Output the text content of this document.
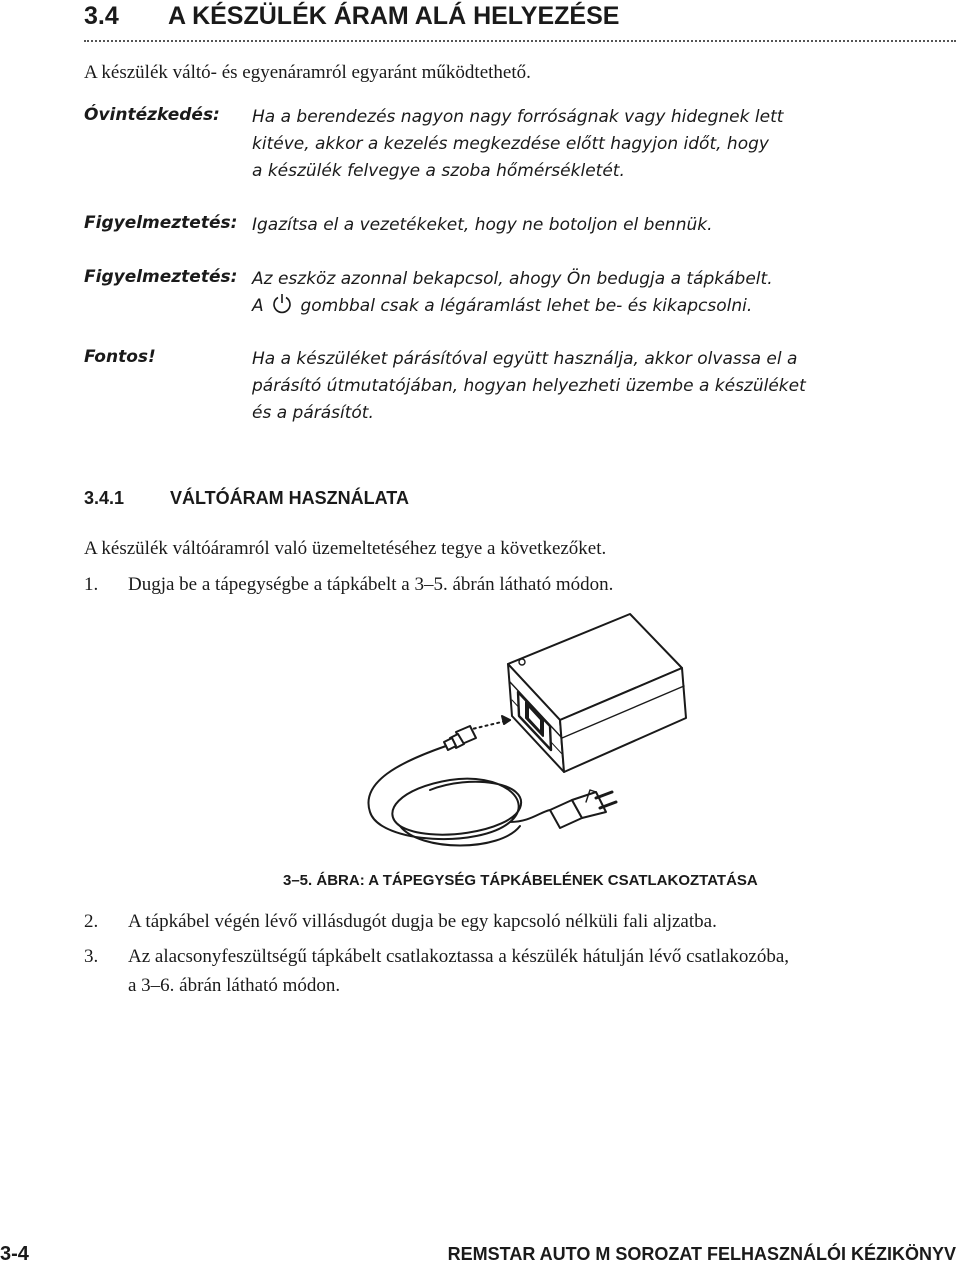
3.4 A KÉSZÜLÉK ÁRAM ALÁ HELYEZÉSE
A készülék váltó- és egyenáramról egyaránt működtethető.
Óvintézkedés: Ha a berendezés nagyon nagy forróságnak vagy hidegnek lett
kitéve, akkor a kezelés megkezdése előtt hagyjon időt, hogy
a készülék felvegye a szoba hőmérsékletét.
Figyelmeztetés: Igazítsa el a vezetékeket, hogy ne botoljon el bennük.
Figyelmeztetés: Az eszköz azonnal bekapcsol, ahogy Ön bedugja a tápkábelt.
A gombbal csak a légáramlást lehet be- és kikapcsolni.
Fontos!	Ha a készüléket párásítóval együtt használja, akkor olvassa el a
párásító útmutatójában, hogyan helyezheti üzembe a készüléket
és a párásítót.
3.4.1	VÁLTÓÁRAM HASZNÁLATA
A készülék váltóáramról való üzemeltetéséhez tegye a következőket.
1. Dugja be a tápegységbe a tápkábelt a 3–5. ábrán látható módon.
3–5. ÁBRA: A TÁPEGYSÉG TÁPKÁBELÉNEK CSATLAKOZTATÁSA
2. A tápkábel végén lévő villásdugót dugja be egy kapcsoló nélküli fali aljzatba.
3. Az alacsonyfeszültségű tápkábelt csatlakoztassa a készülék hátulján lévő csatlakozóba,
a 3–6. ábrán látható módon.
3-4	REMSTAR AUTO M SOROZAT FELHASZNÁLÓI KÉZIKÖNYV
